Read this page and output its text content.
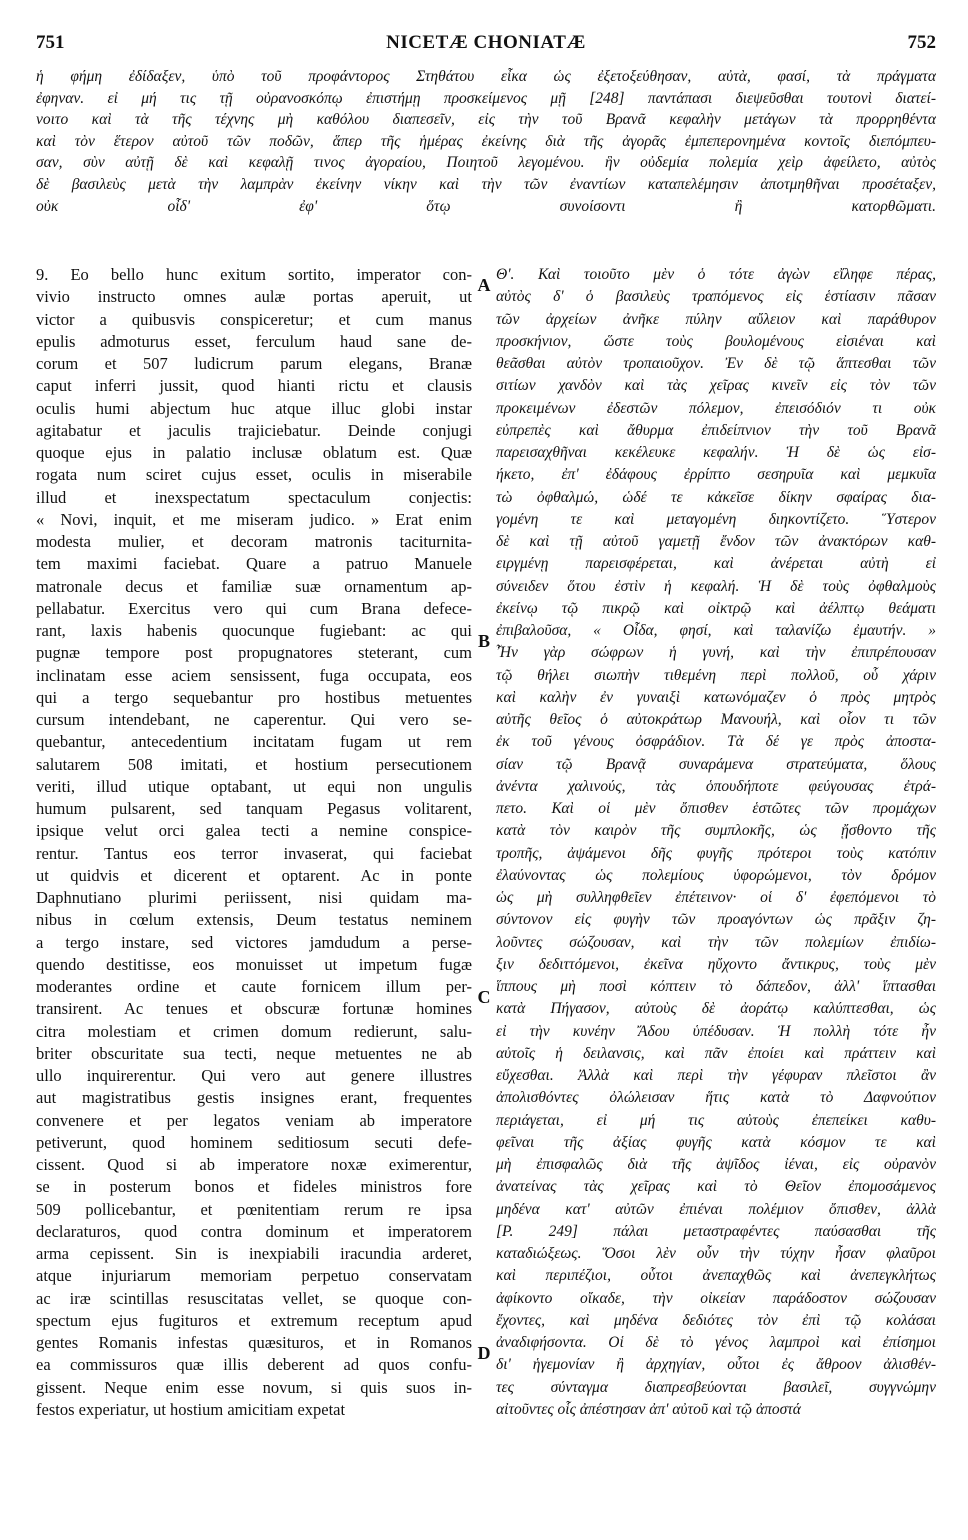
751	NICETÆ CHONIATÆ	752
ἡ φήμη ἐδίδαξεν, ὑπὸ τοῦ προφάντορος Στηθάτου εἶκα ὡς ἐξετοξεύθησαν, αὐτὰ, φασί, τὰ πράγματα
ἐφηναν. εἰ μή τις τῇ οὐρανοσκόπῳ ἐπιστήμῃ προσκείμενος μῇ [248] παντάπασι διεψεῦσθαι τουτονὶ διατεί-
νοιτο καὶ τὰ τῆς τέχνης μὴ καθόλου διαπεσεῖν, εἰς τὴν τοῦ Βρανᾶ κεφαλὴν μετάγων τὰ προρρηθέντα
καὶ τὸν ἕτερον αὐτοῦ τῶν ποδῶν, ἅπερ τῆς ἡμέρας ἐκείνης διὰ τῆς ἀγορᾶς ἐμπεπερονημένα κοντοῖς διεπόμπευ-
σαν, σὺν αὐτῇ δὲ καὶ κεφαλῇ τινος ἀγοραίου, Ποιητοῦ λεγομένου. ἣν οὐδεμία πολεμία χεὶρ ἀφείλετο, αὐτὸς
δὲ βασιλεὺς μετὰ τὴν λαμπρὰν ἐκείνην νίκην καὶ τὴν τῶν ἐναντίων καταπελέμησιν ἀποτμηθῆναι προσέταξεν,
οὐκ οἶδ' ἐφ' ὅτῳ συνοίσοντι ἢ κατορθῶματι.
9. Eo bello hunc exitum sortito, imperator con-
vivio instructo omnes aulæ portas aperuit, ut
victor a quibusvis conspiceretur; et cum manus
epulis admoturus esset, ferculum haud sane de-
corum et 507 ludicrum parum elegans, Branæ
caput inferri jussit, quod hianti rictu et clausis
oculis humi abjectum huc atque illuc globi instar
agitabatur et jaculis trajiciebatur. Deinde conjugi
quoque ejus in palatio inclusæ oblatum est. Quæ
rogata num sciret cujus esset, oculis in miserabile
illud et inexspectatum spectaculum conjectis:
« Novi, inquit, et me miseram judico. » Erat enim
modesta mulier, et decoram matronis taciturnita-
tem maximi faciebat. Quare a patruo Manuele
matronale decus et familiæ suæ ornamentum ap-
pellabatur. Exercitus vero qui cum Brana defece-
rant, laxis habenis quocunque fugiebant: ac qui
pugnæ tempore post propugnatores steterant, cum
inclinatam esse aciem sensissent, fuga occupata, eos
qui a tergo sequebantur pro hostibus metuentes
cursum intendebant, ne caperentur. Qui vero se-
quebantur, antecedentium incitatam fugam ut rem
salutarem 508 imitati, et hostium persecutionem
veriti, illud utique optabant, ut equi non ungulis
humum pulsarent, sed tanquam Pegasus volitarent,
ipsique velut orci galea tecti a nemine conspice-
rentur. Tantus eos terror invaserat, qui faciebat
ut quidvis et dicerent et optarent. Ac in ponte
Daphnutiano plurimi periissent, nisi quidam ma-
nibus in cœlum extensis, Deum testatus neminem
a tergo instare, sed victores jamdudum a perse-
quendo destitisse, eos monuisset ut impetum fugæ
moderantes ordine et caute fornicem illum per-
transirent. Ac tenues et obscuræ fortunæ homines
citra molestiam et crimen domum redierunt, salu-
briter obscuritate sua tecti, neque metuentes ne ab
ullo inquirerentur. Qui vero aut genere illustres
aut magistratibus gestis insignes erant, frequentes
convenere et per legatos veniam ab imperatore
petiverunt, quod hominem seditiosum secuti defe-
cissent. Quod si ab imperatore noxæ eximerentur,
se in posterum bonos et fideles ministros fore
509 pollicebantur, et pœnitentiam rerum re ipsa
declaraturos, quod contra dominum et imperatorem
arma cepissent. Sin is inexpiabili iracundia arderet,
atque injuriarum memoriam perpetuo conservatam
ac iræ scintillas resuscitatas vellet, se quoque con-
spectum ejus fugituros et extremum receptum apud
gentes Romanis infestas quæsituros, et in Romanos
ea commissuros quæ illis deberent ad quos confu-
gissent. Neque enim esse novum, si quis suos in-
festos experiatur, ut hostium amicitiam expetat
A
B
C
D
Θ'. Καὶ τοιοῦτο μὲν ὁ τότε ἀγὼν εἴληφε πέρας,
αὐτὸς δ' ὁ βασιλεὺς τραπόμενος εἰς ἑστίασιν πᾶσαν
τῶν ἀρχείων ἀνῆκε πύλην αὔλειον καὶ παράθυρον
προσκήνιον, ὥστε τοὺς βουλομένους εἰσιέναι καὶ
θεᾶσθαι αὐτὸν τροπαιοῦχον. Ἐν δὲ τῷ ἅπτεσθαι τῶν
σιτίων χανδὸν καὶ τὰς χεῖρας κινεῖν εἰς τὸν τῶν
προκειμένων ἐδεστῶν πόλεμον, ἐπεισόδιόν τι οὐκ
εὐπρεπὲς καὶ ἄθυρμα ἐπιδείπνιον τὴν τοῦ Βρανᾶ
παρεισαχθῆναι κεκέλευκε κεφαλήν. Ἡ δὲ ὡς εἰσ-
ήκετο, ἐπ' ἐδάφους ἐρρίπτο σεσηρυῖα καὶ μεμκυῖα
τὼ ὀφθαλμώ, ὡδέ τε κἀκεῖσε δίκην σφαίρας δια-
γομένη τε καὶ μεταγομένη διηκοντίζετο. Ὕστερον
δὲ καὶ τῇ αὐτοῦ γαμετῇ ἔνδον τῶν ἀνακτόρων καθ-
ειργμένῃ παρεισφέρεται, καὶ ἀνέρεται αὐτὴ εἰ
σύνειδεν ὅτου ἐστὶν ἡ κεφαλή. Ἡ δὲ τοὺς ὀφθαλμοὺς
ἐκείνῳ τῷ πικρῷ καὶ οἰκτρῷ καὶ ἀέλπτῳ θεάματι
ἐπιβαλοῦσα, « Οἶδα, φησί, καὶ ταλανίζω ἐμαυτήν. »
Ἦν γὰρ σώφρων ἡ γυνή, καὶ τὴν ἐπιπρέπουσαν
τῷ θήλει σιωπὴν τιθεμένη περὶ πολλοῦ, οὗ χάριν
καὶ καλὴν ἐν γυναιξὶ κατωνόμαζεν ὁ πρὸς μητρὸς
αὐτῆς θεῖος ὁ αὐτοκράτωρ Μανουήλ, καὶ οἷον τι τῶν
ἐκ τοῦ γένους ὀσφράδιον. Τὰ δέ γε πρὸς ἀποστα-
σίαν τῷ Βρανᾷ συναράμενα στρατεύματα, ὅλους
ἀνέντα χαλινούς, τὰς ὁπουδήποτε φεύγουσας ἐτρά-
πετο. Καὶ οἱ μὲν ὄπισθεν ἑστῶτες τῶν προμάχων
κατὰ τὸν καιρὸν τῆς συμπλοκῆς, ὡς ᾔσθοντο τῆς
τροπῆς, ἀψάμενοι δῆς φυγῆς πρότεροι τοὺς κατόπιν
ἐλαύνοντας ὡς πολεμίους ὑφορώμενοι, τὸν δρόμον
ὡς μὴ συλληφθεῖεν ἐπέτεινον· οἱ δ' ἐφεπόμενοι τὸ
σύντονον εἰς φυγὴν τῶν προαγόντων ὡς πρᾶξιν ζη-
λοῦντες σώζουσαν, καὶ τὴν τῶν πολεμίων ἐπιδίω-
ξιν δεδιττόμενοι, ἐκεῖνα ηὔχοντο ἄντικρυς, τοὺς μὲν
ἵππους μὴ ποσὶ κόπτειν τὸ δάπεδον, ἀλλ' ἵπτασθαι
κατὰ Πήγασον, αὐτοὺς δὲ ἀοράτῳ καλύπτεσθαι, ὡς
εἰ τὴν κυνέην Ἄδου ὑπέδυσαν. Ἡ πολλὴ τότε ἦν
αὐτοῖς ἡ δειλανσις, καὶ πᾶν ἐποίει καὶ πράττειν καὶ
εὔχεσθαι. Ἀλλὰ καὶ περὶ τὴν γέφυραν πλεῖστοι ἂν
ἀπολισθόντες ὀλώλεισαν ἥτις κατὰ τὸ Δαφνούτιον
περιάγεται, εἰ μή τις αὐτοὺς ἐπεπείκει καθυ-
φεῖναι τῆς ἀξίας φυγῆς κατὰ κόσμον τε καὶ
μὴ ἐπισφαλῶς διὰ τῆς ἀψῖδος ἰέναι, εἰς οὐρανὸν
ἀνατείνας τὰς χεῖρας καὶ τὸ Θεῖον ἐπομοσάμενος
μηδένα κατ' αὐτῶν ἐπιέναι πολέμιον ὄπισθεν, ἀλλὰ
[P. 249] πάλαι μεταστραφέντες παύσασθαι τῆς
καταδιώξεως. Ὅσοι λὲν οὖν τὴν τύχην ἦσαν φλαῦροι
καὶ περιπέζιοι, οὗτοι ἀνεπαχθῶς καὶ ἀνεπεγκλήτως
ἀφίκοντο οἴκαδε, τὴν οἰκείαν παράδοστον σώζουσαν
ἔχοντες, καὶ μηδένα δεδιότες τὸν ἐπὶ τῷ κολάσαι
ἀναδιφήσοντα. Οἱ δὲ τὸ γένος λαμπροὶ καὶ ἐπίσημοι
δι' ἡγεμονίαν ἢ ἀρχηγίαν, οὗτοι ἐς ἄθροον ἀλισθέν-
τες σύνταγμα διαπρεσβεύονται βασιλεῖ, συγγνώμην
αἰτοῦντες οἷς ἀπέστησαν ἀπ' αὐτοῦ καὶ τῷ ἀποστά
